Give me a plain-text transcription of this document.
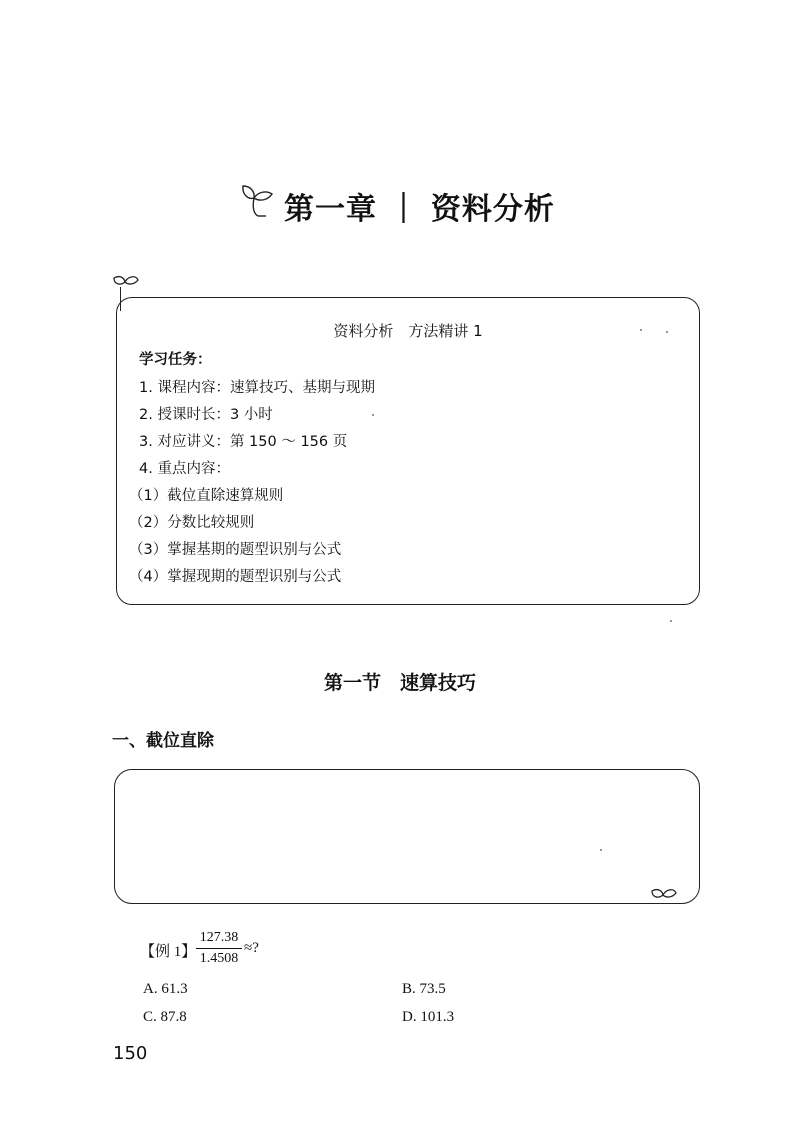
第一章 ｜ 资料分析
资料分析　方法精讲 1
学习任务：
1. 课程内容：速算技巧、基期与现期
2. 授课时长：3 小时
3. 对应讲义：第 150 ～ 156 页
4. 重点内容：
（1）截位直除速算规则
（2）分数比较规则
（3）掌握基期的题型识别与公式
（4）掌握现期的题型识别与公式
第一节　速算技巧
一、截位直除
【例 1】 $\frac{127.38}{1.4508}$ ≈?
A. 61.3	B. 73.5
C. 87.8	D. 101.3
150
